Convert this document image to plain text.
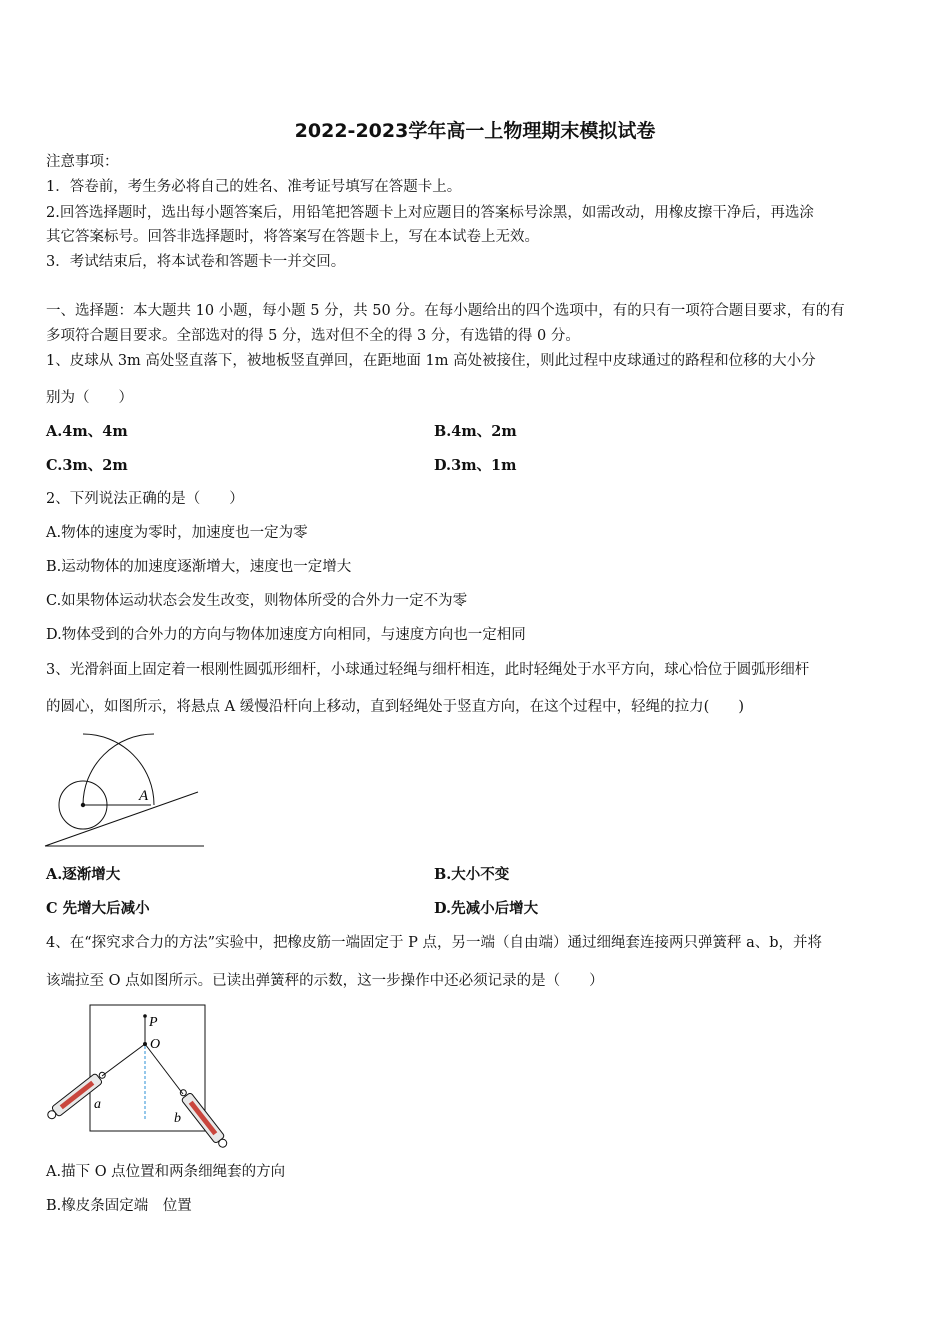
2022-2023学年高一上物理期末模拟试卷
注意事项：
1．答卷前，考生务必将自己的姓名、准考证号填写在答题卡上。
2.回答选择题时，选出每小题答案后，用铅笔把答题卡上对应题目的答案标号涂黑，如需改动，用橡皮擦干净后，再选涂
其它答案标号。回答非选择题时，将答案写在答题卡上，写在本试卷上无效。
3．考试结束后，将本试卷和答题卡一并交回。
一、选择题：本大题共 10 小题，每小题 5 分，共 50 分。在每小题给出的四个选项中，有的只有一项符合题目要求，有的有
多项符合题目要求。全部选对的得 5 分，选对但不全的得 3 分，有选错的得 0 分。
1、皮球从 3m 高处竖直落下，被地板竖直弹回，在距地面 1m 高处被接住，则此过程中皮球通过的路程和位移的大小分
别为（　　）
A.4m、4m	B.4m、2m
C.3m、2m	D.3m、1m
2、下列说法正确的是（　　）
A.物体的速度为零时，加速度也一定为零
B.运动物体的加速度逐渐增大，速度也一定增大
C.如果物体运动状态会发生改变，则物体所受的合外力一定不为零
D.物体受到的合外力的方向与物体加速度方向相同，与速度方向也一定相同
3、光滑斜面上固定着一根刚性圆弧形细杆，小球通过轻绳与细杆相连，此时轻绳处于水平方向，球心恰位于圆弧形细杆
的圆心，如图所示，将悬点 A 缓慢沿杆向上移动，直到轻绳处于竖直方向，在这个过程中，轻绳的拉力(　　)
A
A.逐渐增大	B.大小不变
C 先增大后减小	D.先减小后增大
4、在“探究求合力的方法”实验中，把橡皮筋一端固定于 P 点，另一端（自由端）通过细绳套连接两只弹簧秤 a、b，并将
该端拉至 O 点如图所示。已读出弹簧秤的示数，这一步操作中还必须记录的是（　　）
P
O
a
b
A.描下 O 点位置和两条细绳套的方向
B.橡皮条固定端　位置
